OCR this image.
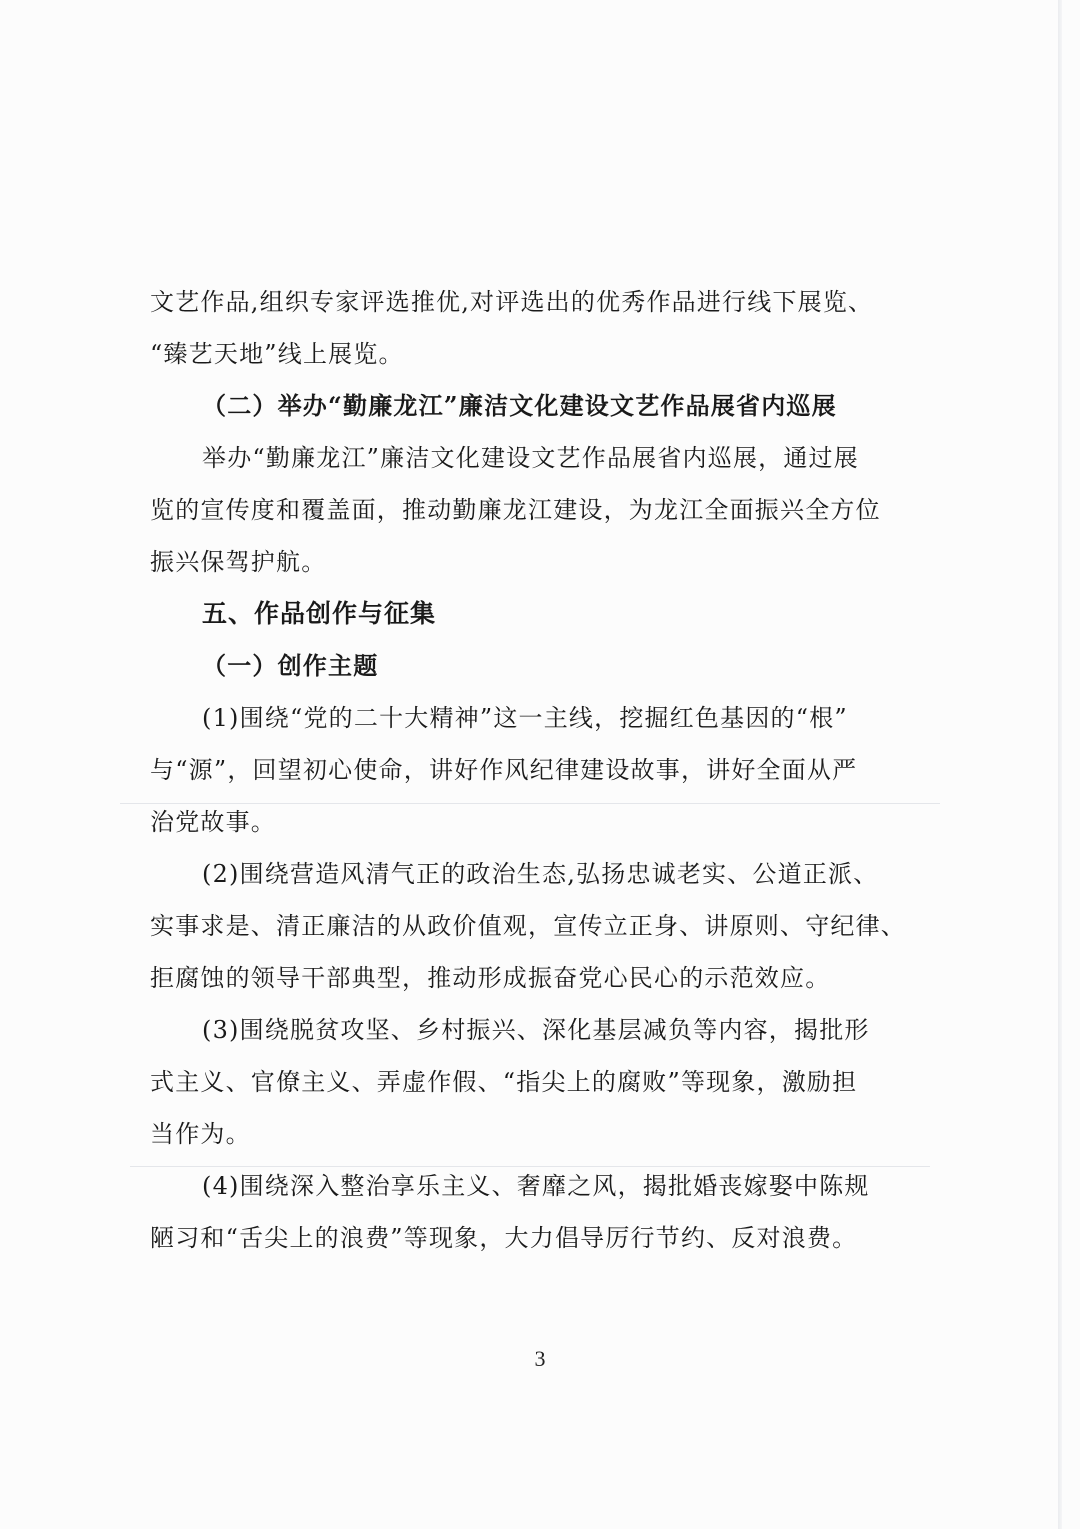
文艺作品,组织专家评选推优,对评选出的优秀作品进行线下展览、
“臻艺天地”线上展览。
（二）举办“勤廉龙江”廉洁文化建设文艺作品展省内巡展
举办“勤廉龙江”廉洁文化建设文艺作品展省内巡展，通过展
览的宣传度和覆盖面，推动勤廉龙江建设，为龙江全面振兴全方位
振兴保驾护航。
五、作品创作与征集
（一）创作主题
(1)围绕“党的二十大精神”这一主线，挖掘红色基因的“根”
与“源”，回望初心使命，讲好作风纪律建设故事，讲好全面从严
治党故事。
(2)围绕营造风清气正的政治生态,弘扬忠诚老实、公道正派、
实事求是、清正廉洁的从政价值观，宣传立正身、讲原则、守纪律、
拒腐蚀的领导干部典型，推动形成振奋党心民心的示范效应。
(3)围绕脱贫攻坚、乡村振兴、深化基层减负等内容，揭批形
式主义、官僚主义、弄虚作假、“指尖上的腐败”等现象，激励担
当作为。
(4)围绕深入整治享乐主义、奢靡之风，揭批婚丧嫁娶中陈规
陋习和“舌尖上的浪费”等现象，大力倡导厉行节约、反对浪费。
3
